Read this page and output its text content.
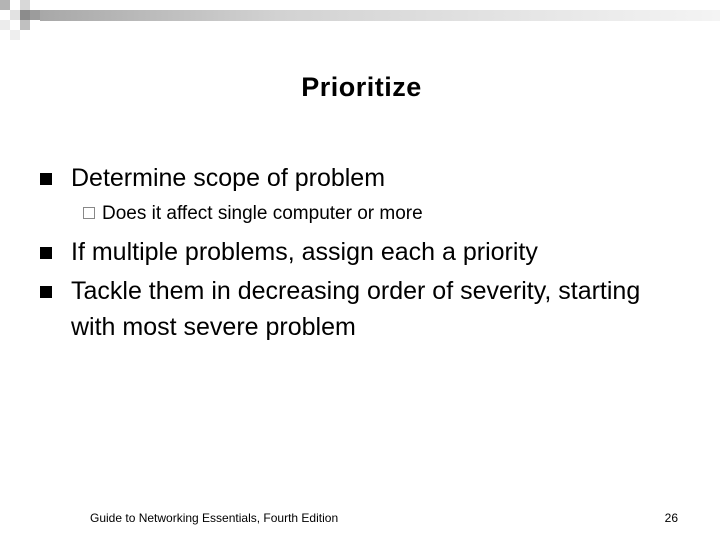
Prioritize
Determine scope of problem
Does it affect single computer or more
If multiple problems, assign each a priority
Tackle them in decreasing order of severity, starting with most severe problem
Guide to Networking Essentials, Fourth Edition	26
